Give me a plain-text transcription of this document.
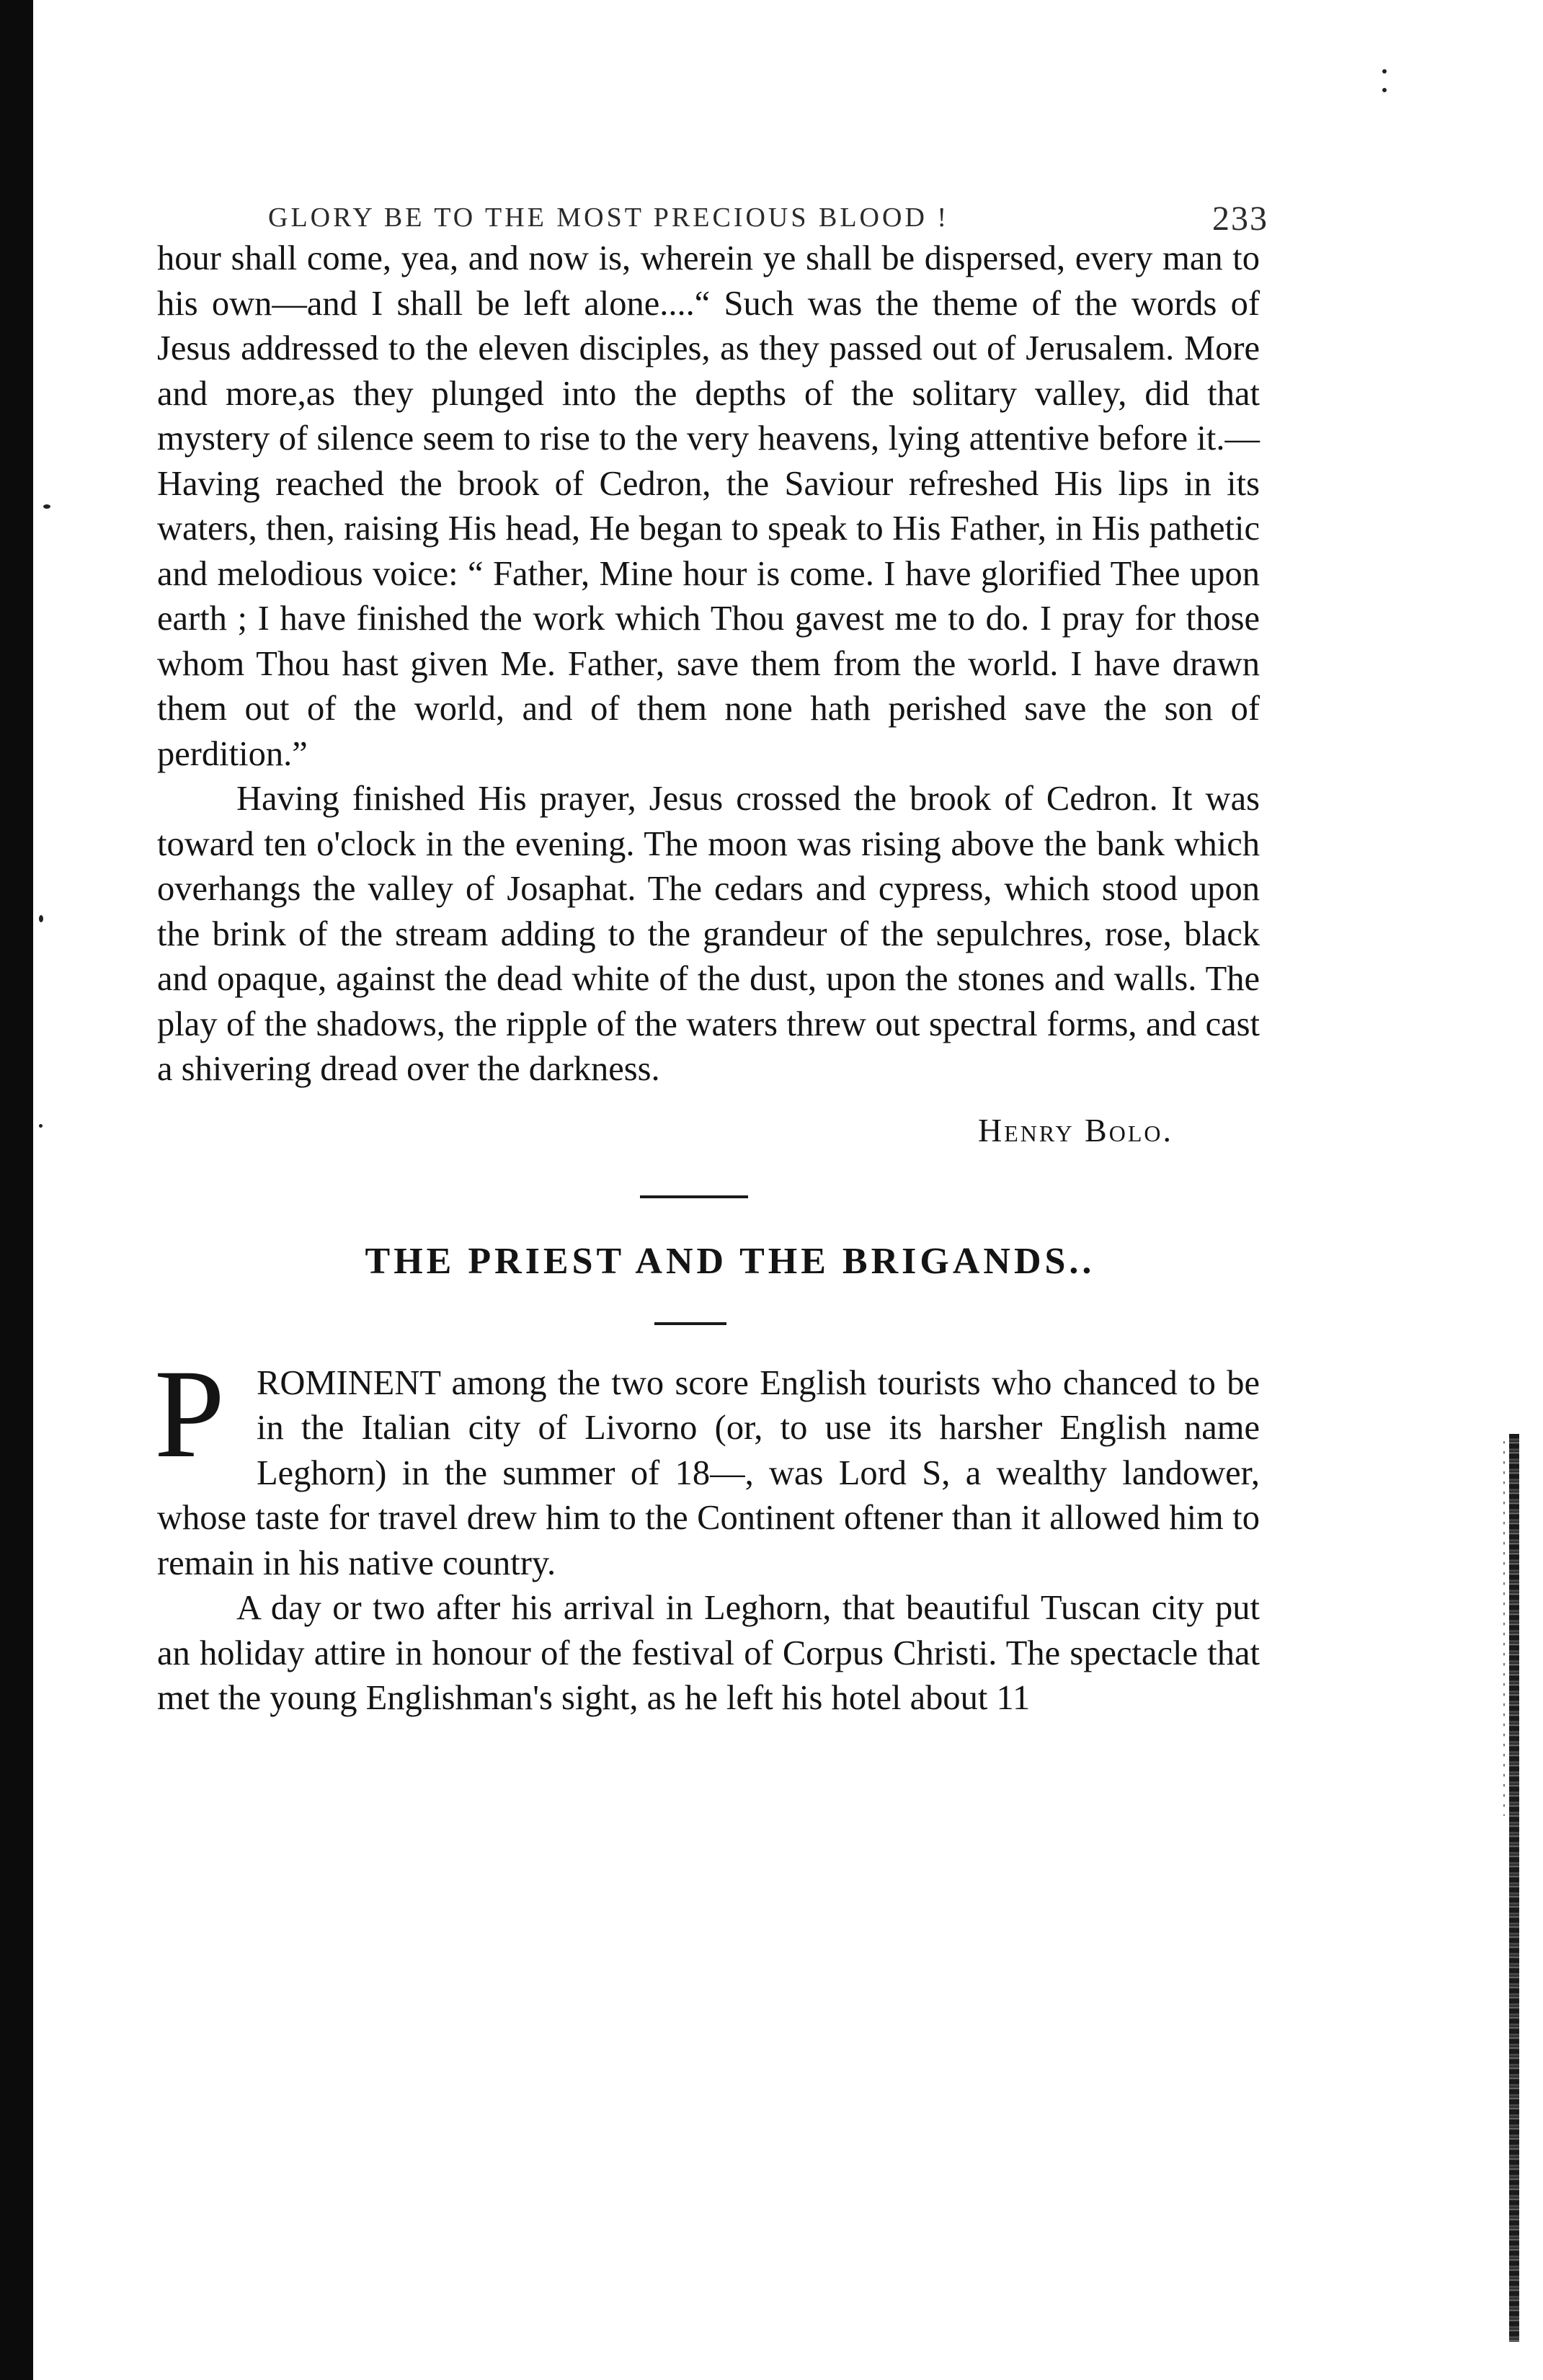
GLORY BE TO THE MOST PRECIOUS BLOOD !	233

hour shall come, yea, and now is, wherein ye shall be dispersed, every man to his own—and I shall be left alone....“ Such was the theme of the words of Jesus addressed to the eleven disciples, as they passed out of Jerusalem. More and more,as they plunged into the depths of the solitary valley, did that mystery of silence seem to rise to the very heavens, lying attentive before it.—Having reached the brook of Cedron, the Saviour refreshed His lips in its waters, then, raising His head, He began to speak to His Father, in His pathetic and melodious voice: “ Father, Mine hour is come. I have glorified Thee upon earth ; I have finished the work which Thou gavest me to do. I pray for those whom Thou hast given Me. Father, save them from the world. I have drawn them out of the world, and of them none hath perished save the son of perdition.”

Having finished His prayer, Jesus crossed the brook of Cedron. It was toward ten o'clock in the evening. The moon was rising above the bank which overhangs the valley of Josaphat. The cedars and cypress, which stood upon the brink of the stream adding to the grandeur of the sepulchres, rose, black and opaque, against the dead white of the dust, upon the stones and walls. The play of the shadows, the ripple of the waters threw out spectral forms, and cast a shivering dread over the darkness.

Henry Bolo.
THE PRIEST AND THE BRIGANDS..
P ROMINENT among the two score English tourists who chanced to be in the Italian city of Livorno (or, to use its harsher English name Leghorn) in the summer of 18—, was Lord S, a wealthy landower, whose taste for travel drew him to the Continent oftener than it allowed him to remain in his native country.

A day or two after his arrival in Leghorn, that beautiful Tuscan city put an holiday attire in honour of the festival of Corpus Christi. The spectacle that met the young Englishman's sight, as he left his hotel about 11
